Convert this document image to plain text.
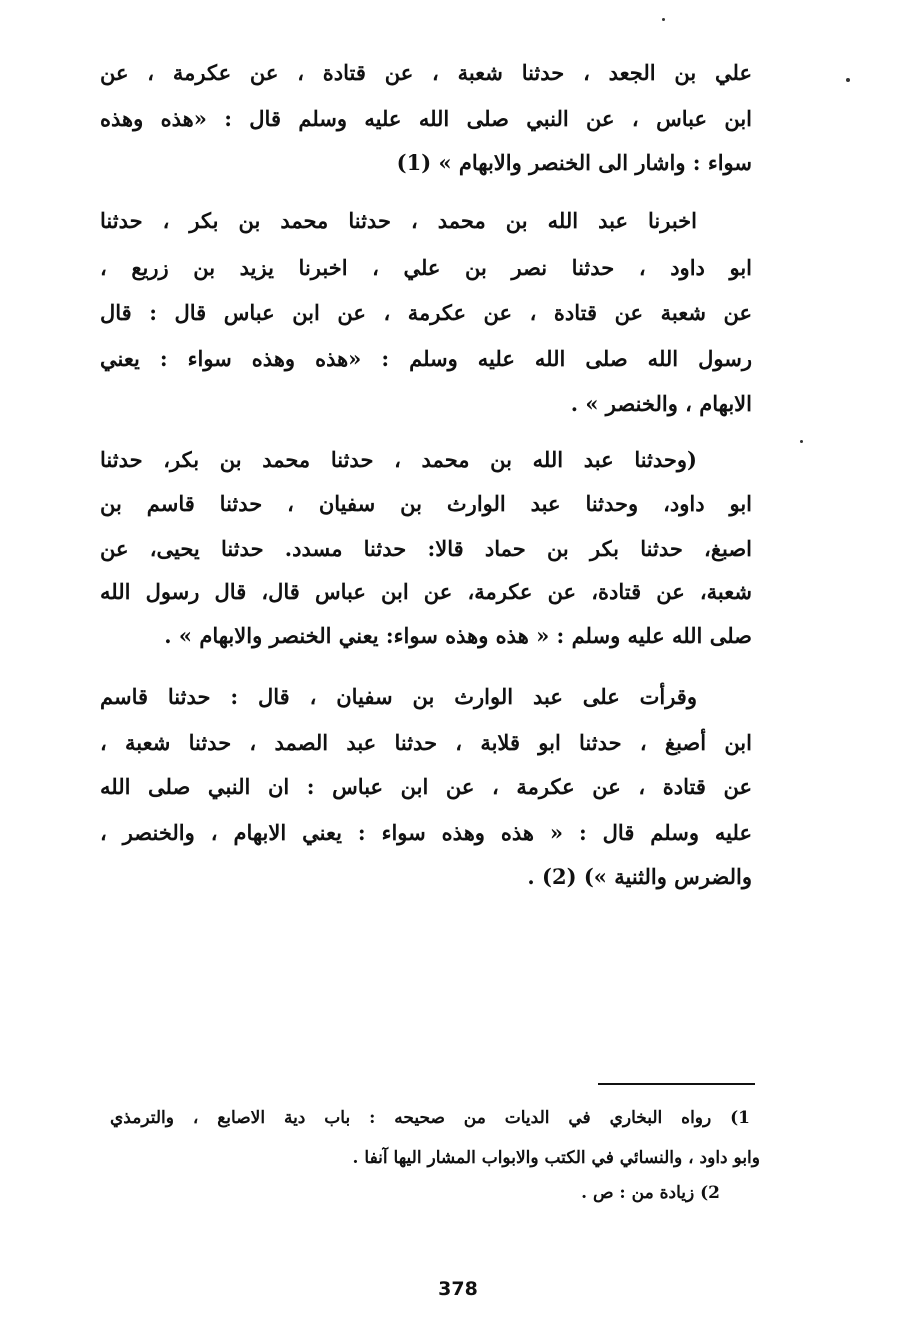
علي بن الجعد ، حدثنا شعبة ، عن قتادة ، عن عكرمة ، عن
ابن عباس ، عن النبي صلى الله عليه وسلم قال : «هذه وهذه
سواء : واشار الى الخنصر والابهام » (1)
اخبرنا عبد الله بن محمد ، حدثنا محمد بن بكر ، حدثنا
ابو داود ، حدثنا نصر بن علي ، اخبرنا يزيد بن زريع ،
عن شعبة عن قتادة ، عن عكرمة ، عن ابن عباس قال : قال
رسول الله صلى الله عليه وسلم : «هذه وهذه سواء : يعني
الابهام ، والخنصر » .
(وحدثنا عبد الله بن محمد ، حدثنا محمد بن بكر، حدثنا
ابو داود، وحدثنا عبد الوارث بن سفيان ، حدثنا قاسم بن
اصبغ، حدثنا بكر بن حماد قالا: حدثنا مسدد. حدثنا يحيى، عن
شعبة، عن قتادة، عن عكرمة، عن ابن عباس قال، قال رسول الله
صلى الله عليه وسلم : « هذه وهذه سواء: يعني الخنصر والابهام » .
وقرأت على عبد الوارث بن سفيان ، قال : حدثنا قاسم
ابن أصبغ ، حدثنا ابو قلابة ، حدثنا عبد الصمد ، حدثنا شعبة ،
عن قتادة ، عن عكرمة ، عن ابن عباس : ان النبي صلى الله
عليه وسلم قال : « هذه وهذه سواء : يعني الابهام ، والخنصر ،
والضرس والثنية ») (2) .
1) رواه البخاري في الديات من صحيحه : باب دية الاصابع ، والترمذي
وابو داود ، والنسائي في الكتب والابواب المشار اليها آنفا .
2) زيادة من : ص .
378
